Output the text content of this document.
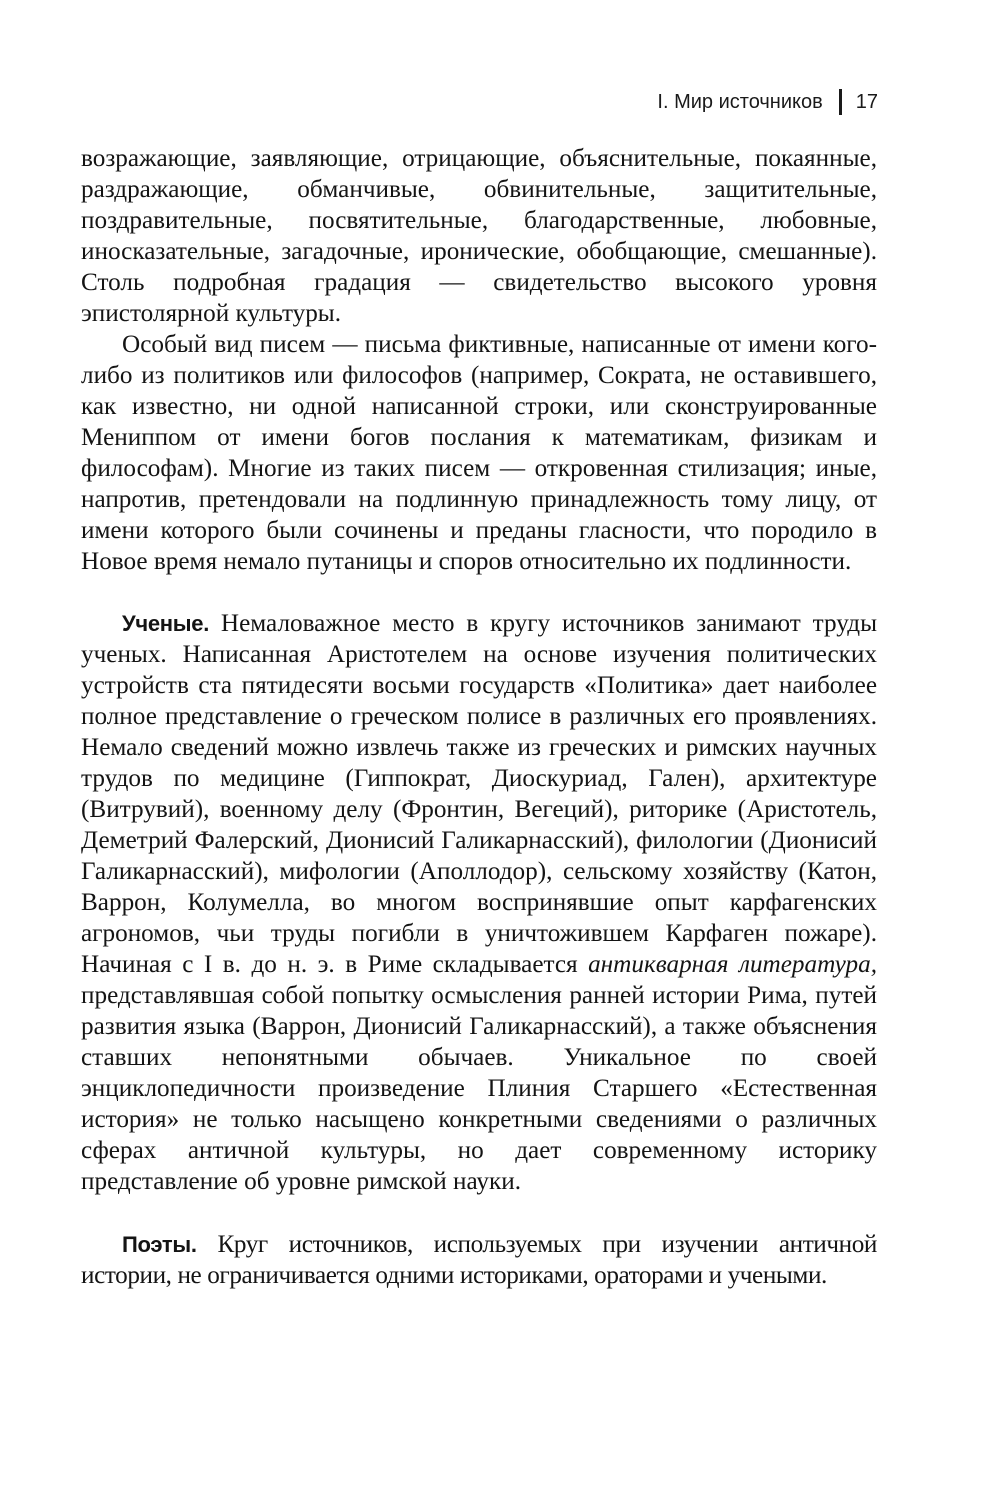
I. Мир источников 17

возражающие, заявляющие, отрицающие, объяснительные, покаянные, раздражающие, обманчивые, обвинительные, защитительные, поздравительные, посвятительные, благодарственные, любовные, иносказательные, загадочные, иронические, обобщающие, смешанные). Столь подробная градация — свидетельство высокого уровня эпистолярной культуры.

Особый вид писем — письма фиктивные, написанные от имени кого-либо из политиков или философов (например, Сократа, не оставившего, как известно, ни одной написанной строки, или сконструированные Мениппом от имени богов послания к математикам, физикам и философам). Многие из таких писем — откровенная стилизация; иные, напротив, претендовали на подлинную принадлежность тому лицу, от имени которого были сочинены и преданы гласности, что породило в Новое время немало путаницы и споров относительно их подлинности.

Ученые. Немаловажное место в кругу источников занимают труды ученых. Написанная Аристотелем на основе изучения политических устройств ста пятидесяти восьми государств «Политика» дает наиболее полное представление о греческом полисе в различных его проявлениях. Немало сведений можно извлечь также из греческих и римских научных трудов по медицине (Гиппократ, Диоскуриад, Гален), архитектуре (Витрувий), военному делу (Фронтин, Вегеций), риторике (Аристотель, Деметрий Фалерский, Дионисий Галикарнасский), филологии (Дионисий Галикарнасский), мифологии (Аполлодор), сельскому хозяйству (Катон, Варрон, Колумелла, во многом воспринявшие опыт карфагенских агрономов, чьи труды погибли в уничтожившем Карфаген пожаре). Начиная с I в. до н. э. в Риме складывается антикварная литература, представлявшая собой попытку осмысления ранней истории Рима, путей развития языка (Варрон, Дионисий Галикарнасский), а также объяснения ставших непонятными обычаев. Уникальное по своей энциклопедичности произведение Плиния Старшего «Естественная история» не только насыщено конкретными сведениями о различных сферах античной культуры, но дает современному историку представление об уровне римской науки.

Поэты. Круг источников, используемых при изучении античной истории, не ограничивается одними историками, ораторами и учеными.
